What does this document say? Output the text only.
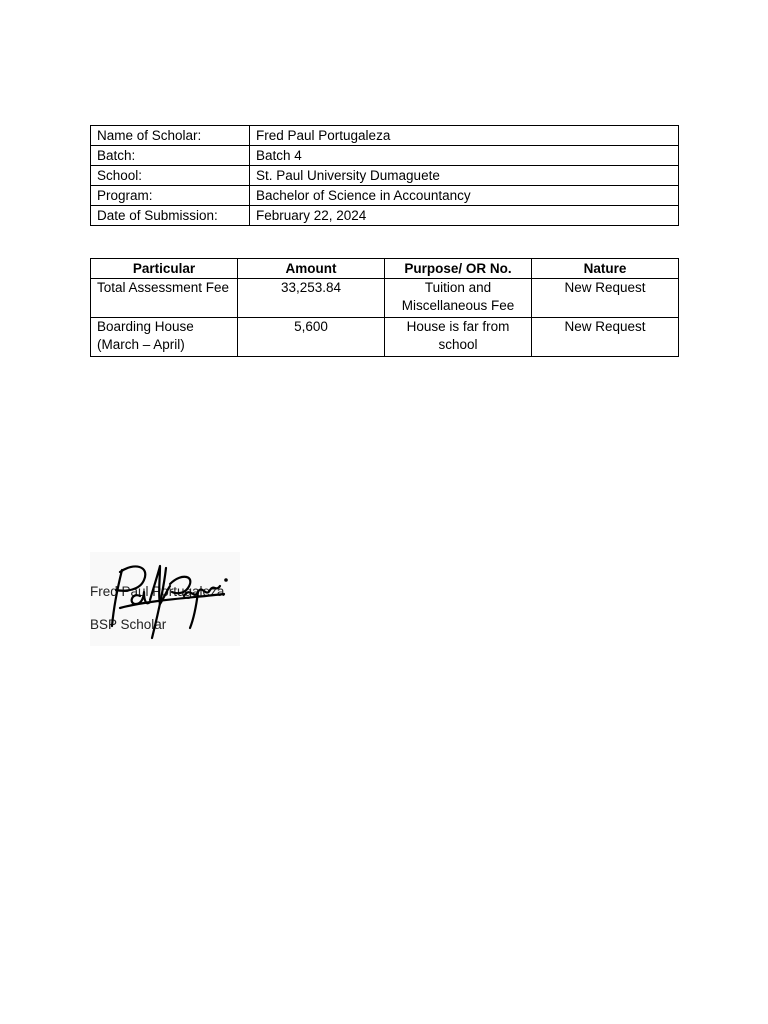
Name of Scholar:	Fred Paul Portugaleza
Batch:	Batch 4
School:	St. Paul University Dumaguete
Program:	Bachelor of Science in Accountancy
Date of Submission:	February 22, 2024
Particular	Amount	Purpose/ OR No.	Nature
Total Assessment Fee	33,253.84	Tuition and Miscellaneous Fee	New Request
Boarding House (March – April)	5,600	House is far from school	New Request
Fred Paul Portugaleza
BSP Scholar
